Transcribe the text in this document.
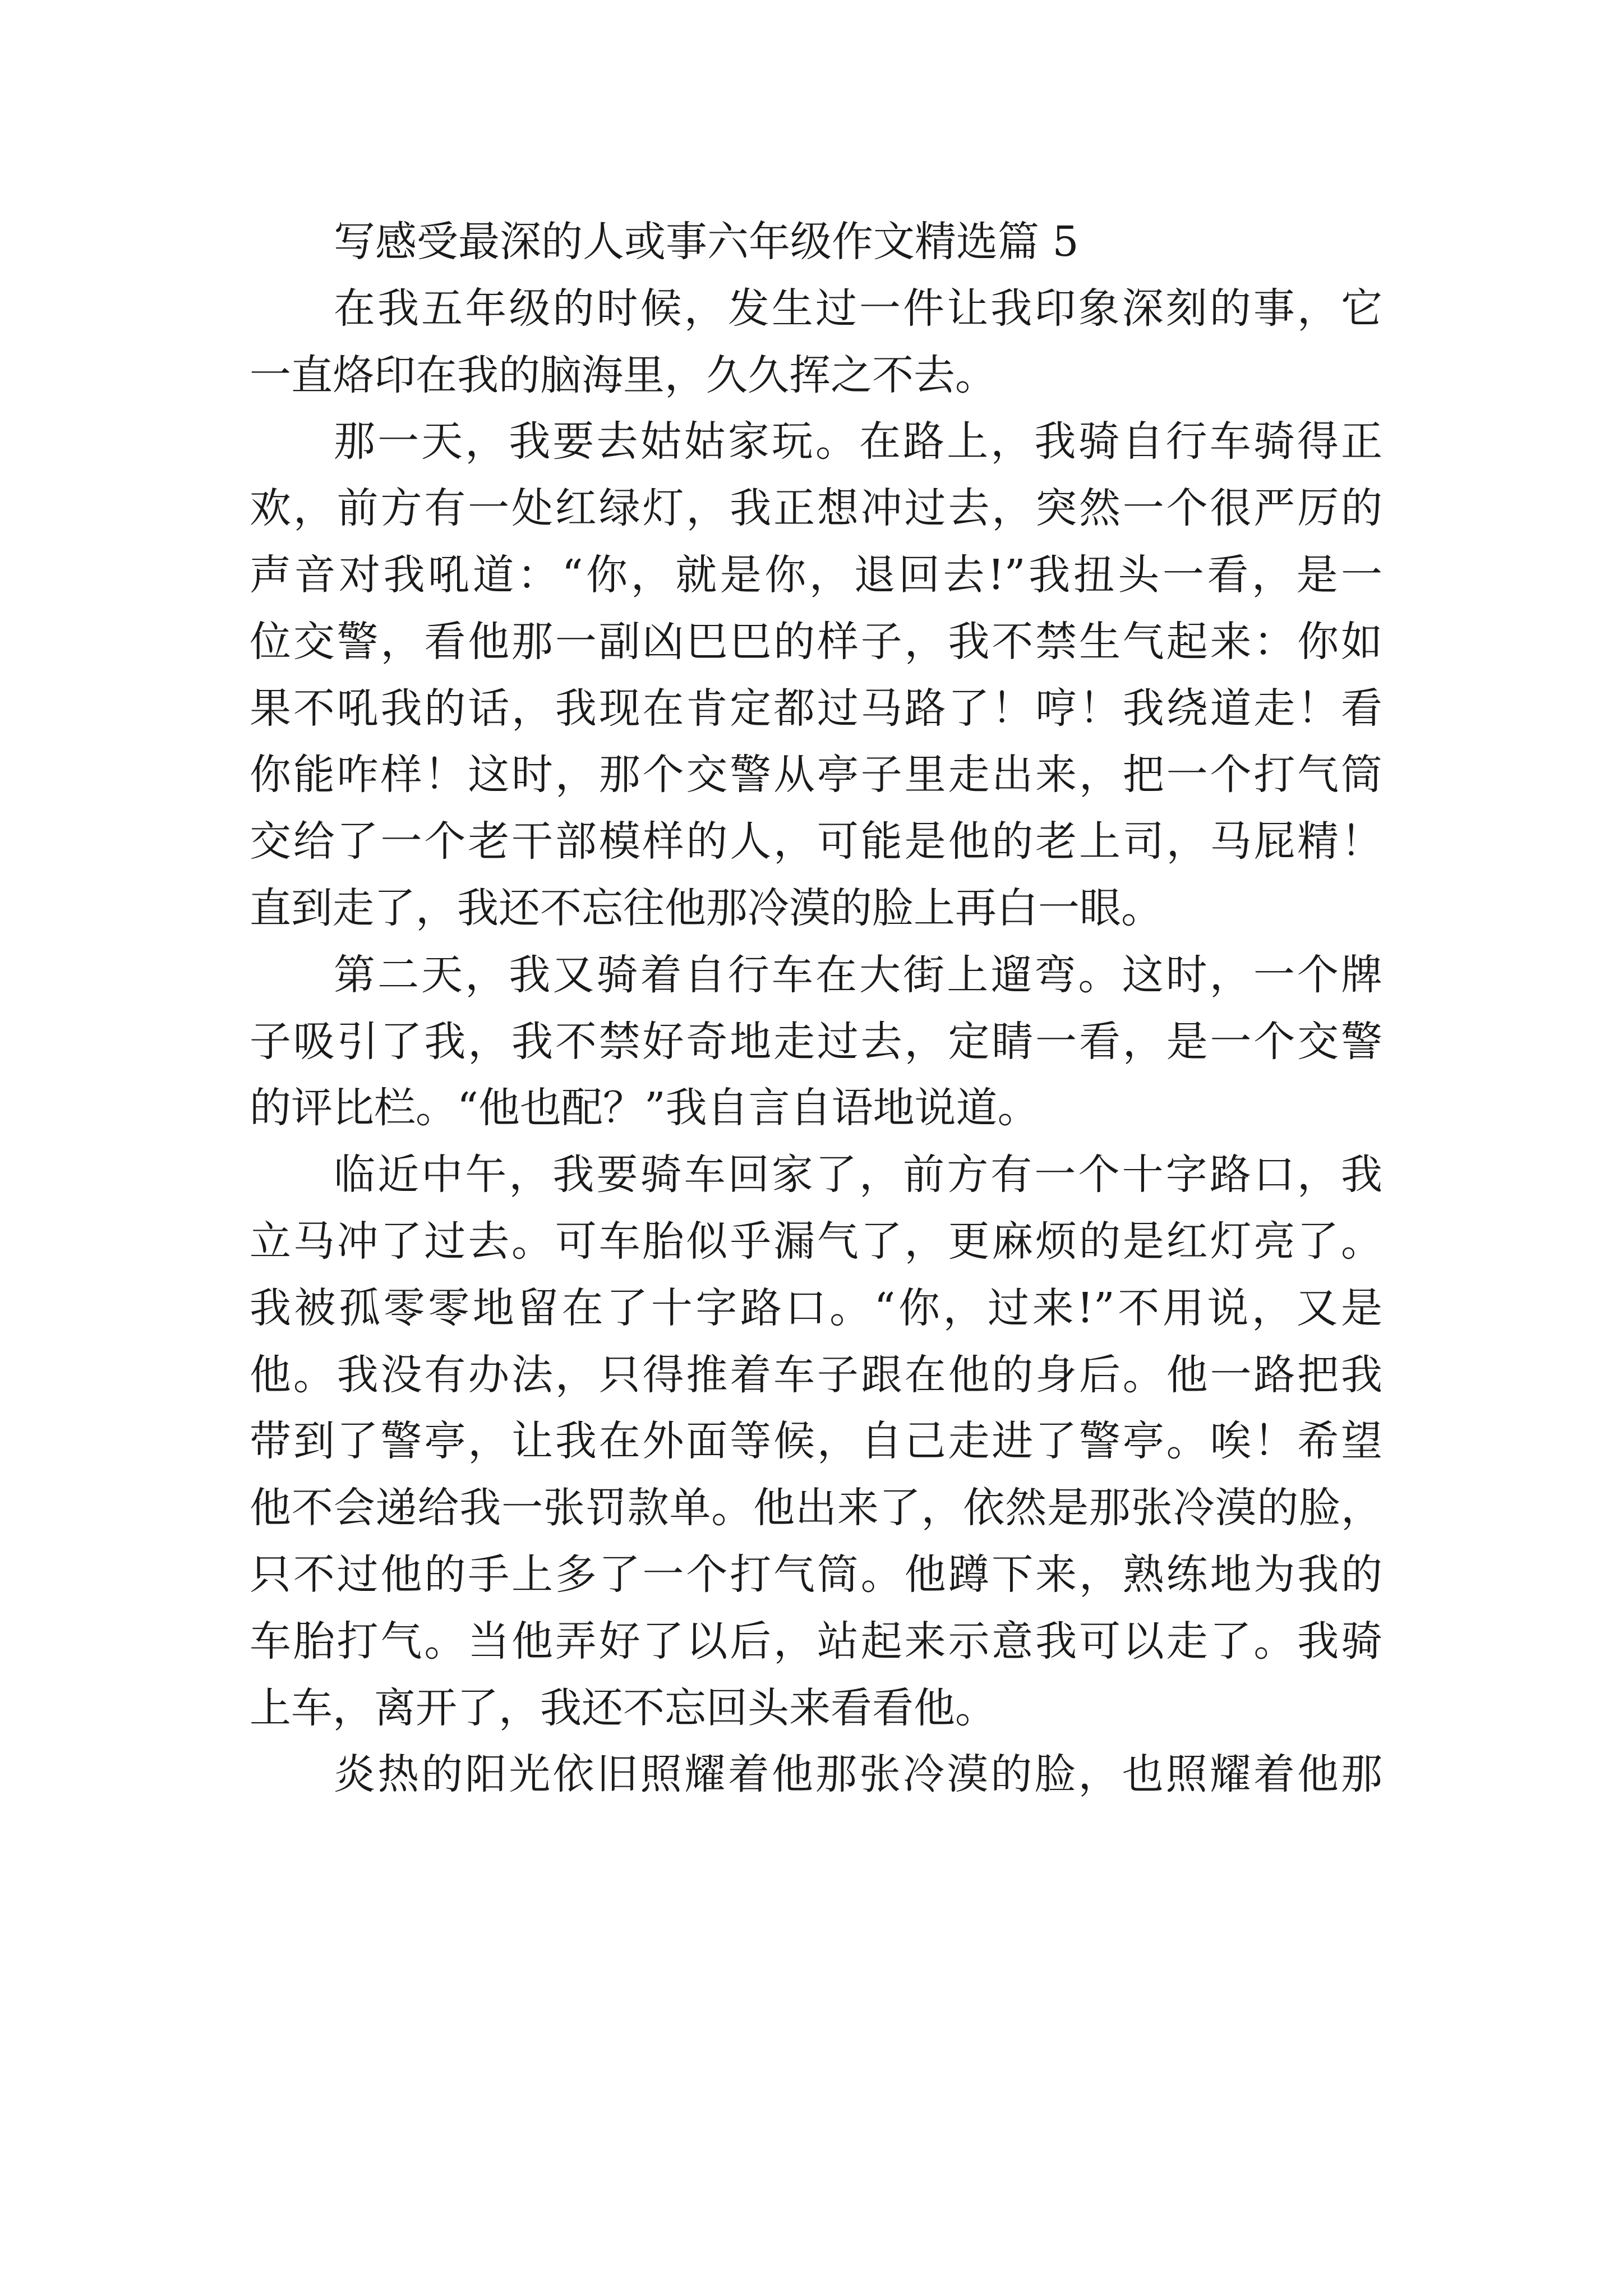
写感受最深的人或事六年级作文精选篇 5
在我五年级的时候，发生过一件让我印象深刻的事，它
一直烙印在我的脑海里，久久挥之不去。
那一天，我要去姑姑家玩。在路上，我骑自行车骑得正
欢，前方有一处红绿灯，我正想冲过去，突然一个很严厉的
声音对我吼道：“你，就是你，退回去!”我扭头一看，是一
位交警，看他那一副凶巴巴的样子，我不禁生气起来：你如
果不吼我的话，我现在肯定都过马路了！哼！我绕道走！看
你能咋样！这时，那个交警从亭子里走出来，把一个打气筒
交给了一个老干部模样的人，可能是他的老上司，马屁精！
直到走了，我还不忘往他那冷漠的脸上再白一眼。
第二天，我又骑着自行车在大街上遛弯。这时，一个牌
子吸引了我，我不禁好奇地走过去，定睛一看，是一个交警
的评比栏。“他也配？”我自言自语地说道。
临近中午，我要骑车回家了，前方有一个十字路口，我
立马冲了过去。可车胎似乎漏气了，更麻烦的是红灯亮了。
我被孤零零地留在了十字路口。“你，过来!”不用说，又是
他。我没有办法，只得推着车子跟在他的身后。他一路把我
带到了警亭，让我在外面等候，自己走进了警亭。唉！希望
他不会递给我一张罚款单。他出来了，依然是那张冷漠的脸，
只不过他的手上多了一个打气筒。他蹲下来，熟练地为我的
车胎打气。当他弄好了以后，站起来示意我可以走了。我骑
上车，离开了，我还不忘回头来看看他。
炎热的阳光依旧照耀着他那张冷漠的脸，也照耀着他那
